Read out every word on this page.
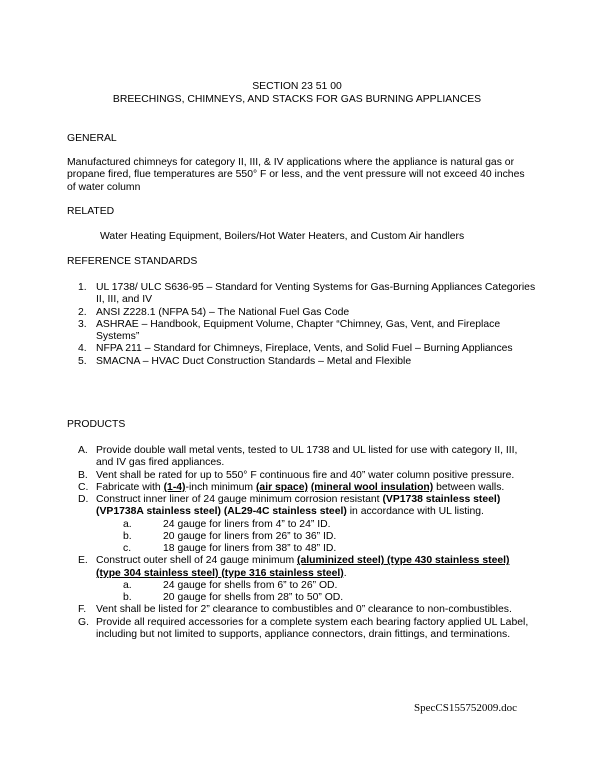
SECTION 23 51 00
BREECHINGS, CHIMNEYS, AND STACKS FOR GAS BURNING APPLIANCES
GENERAL
Manufactured chimneys for category II, III, & IV applications where the appliance is natural gas or propane fired, flue temperatures are 550° F or less, and the vent pressure will not exceed 40 inches of water column
RELATED
Water Heating Equipment, Boilers/Hot Water Heaters, and Custom Air handlers
REFERENCE STANDARDS
1. UL 1738/ ULC S636-95 – Standard for Venting Systems for Gas-Burning Appliances Categories II, III, and IV
2. ANSI Z228.1 (NFPA 54) – The National Fuel Gas Code
3. ASHRAE – Handbook, Equipment Volume, Chapter “Chimney, Gas, Vent, and Fireplace Systems”
4. NFPA 211 – Standard for Chimneys, Fireplace, Vents, and Solid Fuel – Burning Appliances
5. SMACNA – HVAC Duct Construction Standards – Metal and Flexible
PRODUCTS
A. Provide double wall metal vents, tested to UL 1738 and UL listed for use with category II, III, and IV gas fired appliances.
B. Vent shall be rated for up to 550° F continuous fire and 40” water column positive pressure.
C. Fabricate with (1-4)-inch minimum (air space) (mineral wool insulation) between walls.
D. Construct inner liner of 24 gauge minimum corrosion resistant (VP1738 stainless steel) (VP1738A stainless steel) (AL29-4C stainless steel) in accordance with UL listing.
a.	24 gauge for liners from 4” to 24” ID.
b.	20 gauge for liners from 26” to 36” ID.
c.	18 gauge for liners from 38” to 48” ID.
E. Construct outer shell of 24 gauge minimum (aluminized steel) (type 430 stainless steel) (type 304 stainless steel) (type 316 stainless steel).
a.	24 gauge for shells from 6” to 26” OD.
b.	20 gauge for shells from 28” to 50” OD.
F. Vent shall be listed for 2” clearance to combustibles and 0” clearance to non-combustibles.
G. Provide all required accessories for a complete system each bearing factory applied UL Label, including but not limited to supports, appliance connectors, drain fittings, and terminations.
SpecCS155752009.doc
